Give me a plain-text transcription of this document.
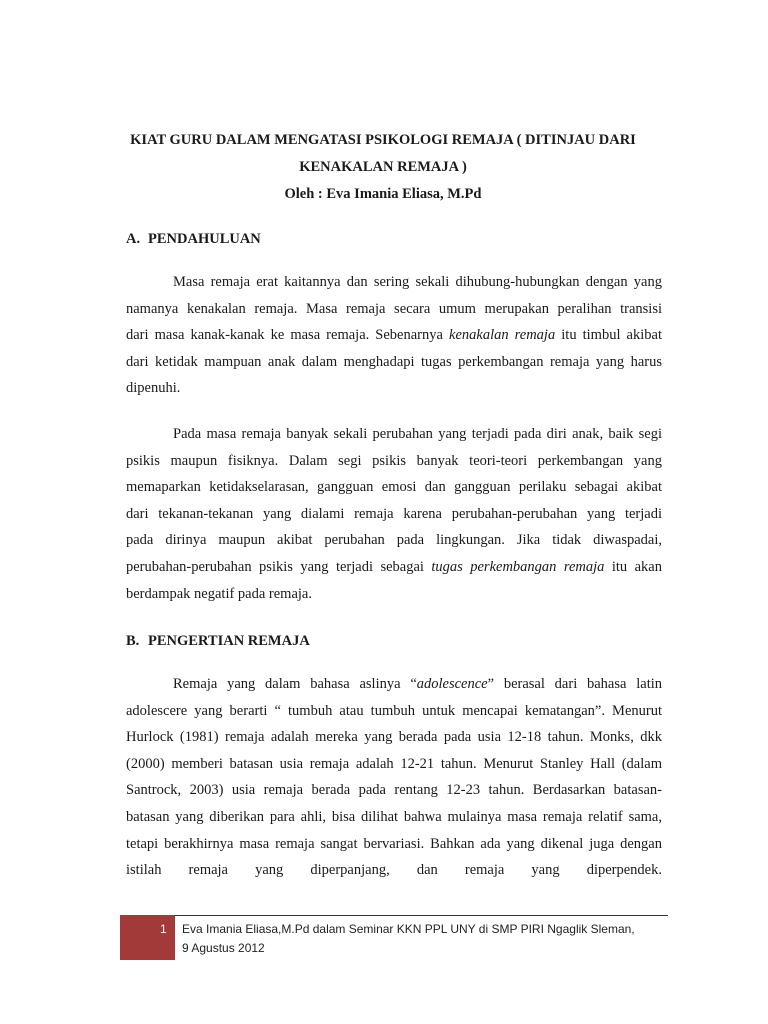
KIAT GURU DALAM MENGATASI PSIKOLOGI REMAJA ( DITINJAU DARI
KENAKALAN REMAJA )
Oleh : Eva Imania Eliasa, M.Pd
A. PENDAHULUAN
Masa remaja erat kaitannya dan sering sekali dihubung-hubungkan dengan yang
namanya kenakalan remaja. Masa remaja secara umum merupakan peralihan transisi
dari masa kanak-kanak ke masa remaja. Sebenarnya kenakalan remaja itu timbul akibat
dari ketidak mampuan anak dalam menghadapi tugas perkembangan remaja yang harus
dipenuhi.
Pada masa remaja banyak sekali perubahan yang terjadi pada diri anak, baik segi
psikis maupun fisiknya. Dalam segi psikis banyak teori-teori perkembangan yang
memaparkan ketidakselarasan, gangguan emosi dan gangguan perilaku sebagai akibat
dari tekanan-tekanan yang dialami remaja karena perubahan-perubahan yang terjadi
pada dirinya maupun akibat perubahan pada lingkungan. Jika tidak diwaspadai,
perubahan-perubahan psikis yang terjadi sebagai tugas perkembangan remaja itu akan
berdampak negatif pada remaja.
B. PENGERTIAN REMAJA
Remaja yang dalam bahasa aslinya “adolescence” berasal dari bahasa latin
adolescere yang berarti “ tumbuh atau tumbuh untuk mencapai kematangan”. Menurut
Hurlock (1981) remaja adalah mereka yang berada pada usia 12-18 tahun. Monks, dkk
(2000) memberi batasan usia remaja adalah 12-21 tahun. Menurut Stanley Hall (dalam
Santrock, 2003) usia remaja berada pada rentang 12-23 tahun. Berdasarkan batasan-
batasan yang diberikan para ahli, bisa dilihat bahwa mulainya masa remaja relatif sama,
tetapi berakhirnya masa remaja sangat bervariasi. Bahkan ada yang dikenal juga dengan
istilah remaja yang diperpanjang, dan remaja yang diperpendek.
1 Eva Imania Eliasa,M.Pd dalam Seminar KKN PPL UNY di SMP PIRI Ngaglik Sleman,
9 Agustus 2012
